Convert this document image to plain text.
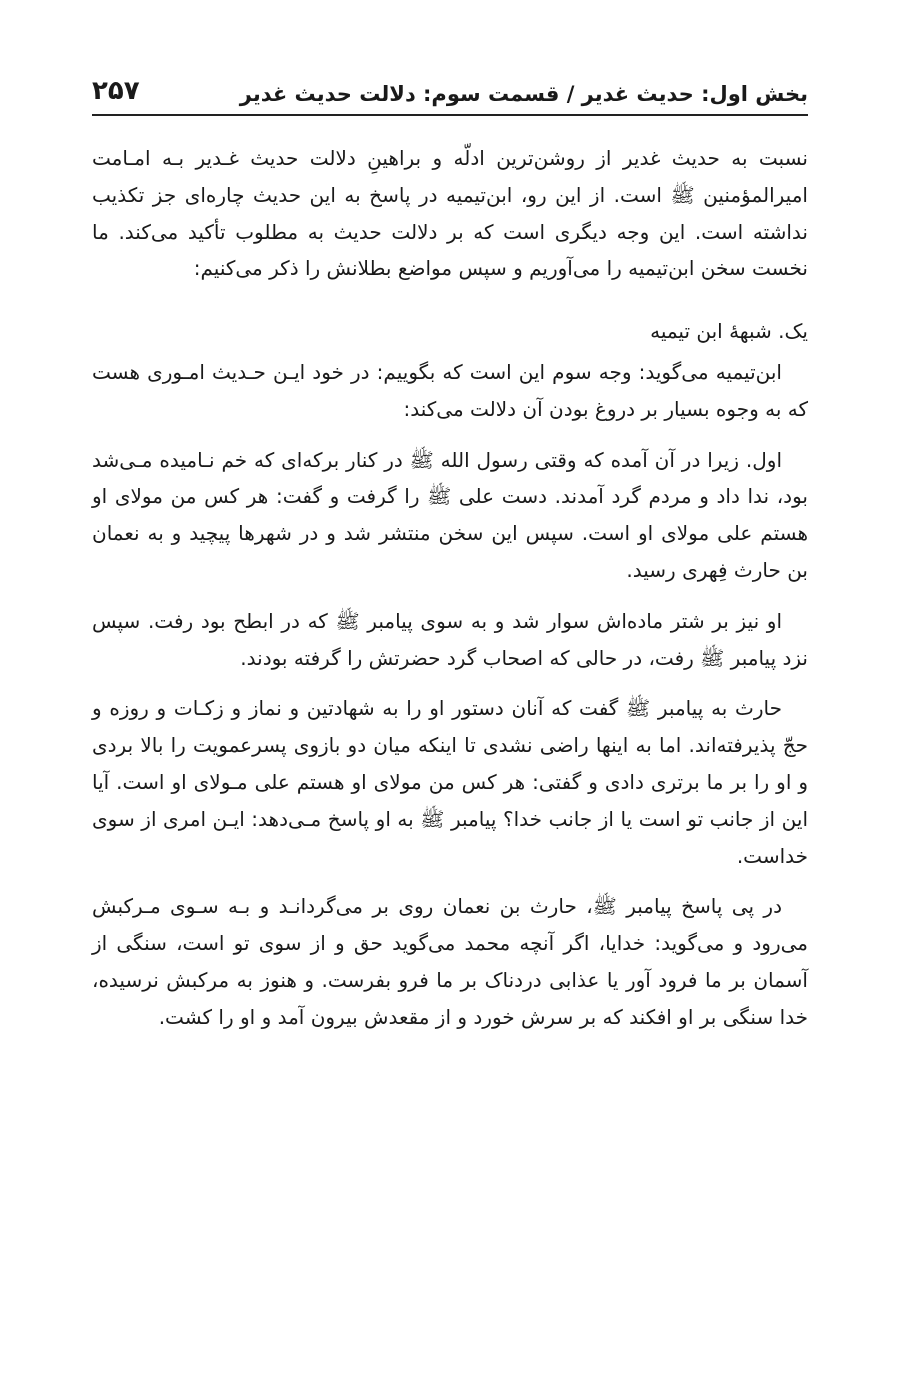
بخش اول: حدیث غدیر / قسمت سوم: دلالت حدیث غدیر
۲۵۷

نسبت به حدیث غدیر از روشن‌ترین ادلّه و براهینِ دلالت حدیث غـدیر بـه امـامت امیرالمؤمنین ﷺ است. از این رو، ابن‌تیمیه در پاسخ به این حدیث چاره‌ای جز تکذیب نداشته است. این وجه دیگری است که بر دلالت حدیث به مطلوب تأکید می‌کند. ما نخست سخن ابن‌تیمیه را می‌آوریم و سپس مواضع بطلانش را ذکر می‌کنیم:

یک. شبههٔ ابن تیمیه

ابن‌تیمیه می‌گوید: وجه سوم این است که بگوییم: در خود ایـن حـدیث امـوری هست که به وجوه بسیار بر دروغ بودن آن دلالت می‌کند:

اول. زیرا در آن آمده که وقتی رسول الله ﷺ در کنار برکه‌ای که خم نـامیده مـی‌شد بود، ندا داد و مردم گرد آمدند. دست علی ﷺ را گرفت و گفت: هر کس من مولای او هستم علی مولای او است. سپس این سخن منتشر شد و در شهرها پیچید و به نعمان بن حارث فِهری رسید.

او نیز بر شتر ماده‌اش سوار شد و به سوی پیامبر ﷺ که در ابطح بود رفت. سپس نزد پیامبر ﷺ رفت، در حالی که اصحاب گرد حضرتش را گرفته بودند.

حارث به پیامبر ﷺ گفت که آنان دستور او را به شهادتین و نماز و زکـات و روزه و حجّ پذیرفته‌اند. اما به اینها راضی نشدی تا اینکه میان دو بازوی پسرعمویت را بالا بردی و او را بر ما برتری دادی و گفتی: هر کس من مولای او هستم علی مـولای او است. آیا این از جانب تو است یا از جانب خدا؟ پیامبر ﷺ به او پاسخ مـی‌دهد: ایـن امری از سوی خداست.

در پی پاسخ پیامبر ﷺ، حارث بن نعمان روی بر می‌گردانـد و بـه سـوی مـرکبش می‌رود و می‌گوید: خدایا، اگر آنچه محمد می‌گوید حق و از سوی تو است، سنگی از آسمان بر ما فرود آور یا عذابی دردناک بر ما فرو بفرست. و هنوز به مرکبش نرسیده، خدا سنگی بر او افکند که بر سرش خورد و از مقعدش بیرون آمد و او را کشت.
